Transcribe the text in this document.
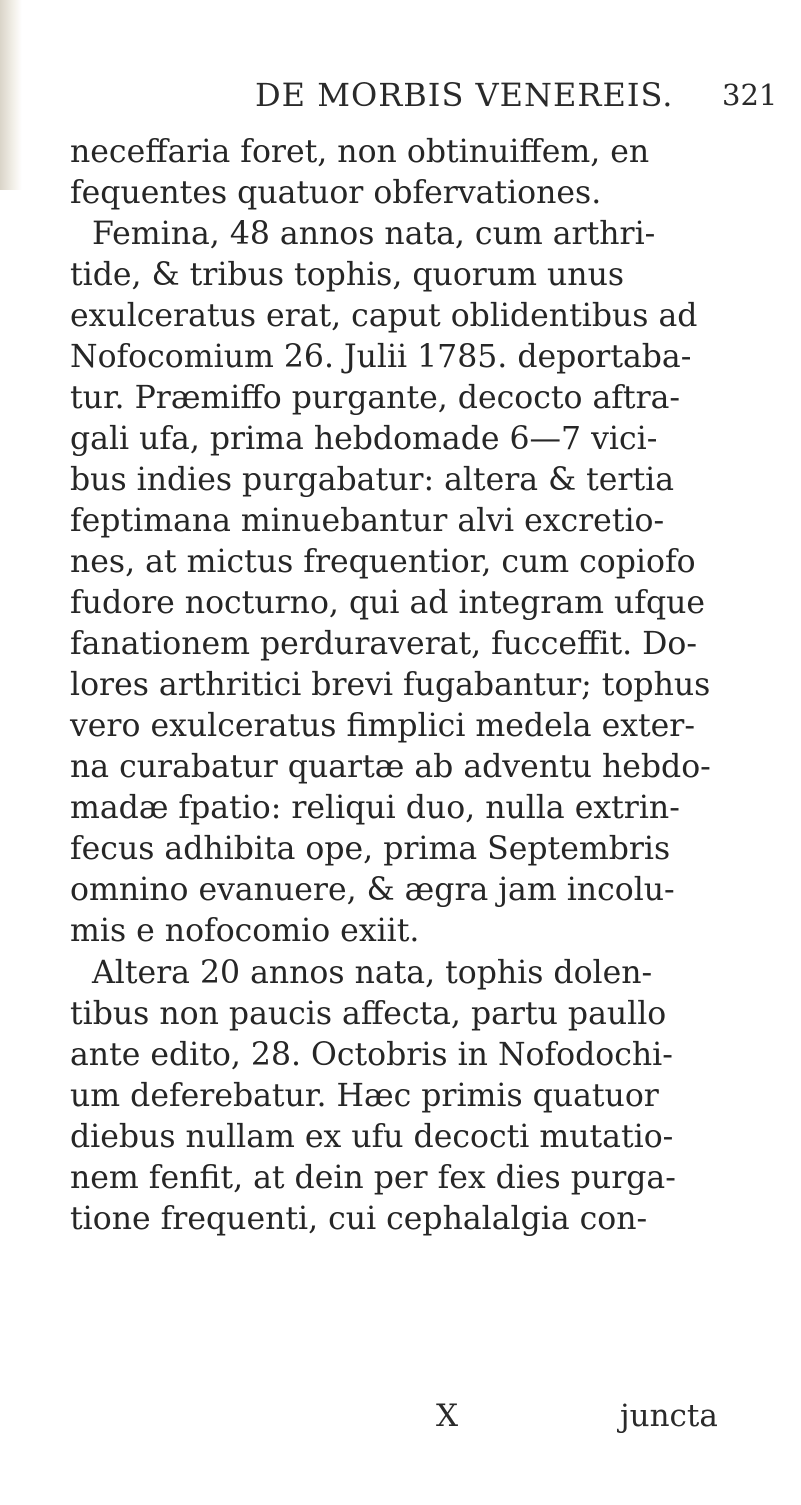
DE MORBIS VENEREIS. 321
neceffaria foret, non obtinuiffem, en
fequentes quatuor obfervationes.
Femina, 48 annos nata, cum arthri-
tide, & tribus tophis, quorum unus
exulceratus erat, caput oblidentibus ad
Nofocomium 26. Julii 1785. deportaba-
tur. Præmiffo purgante, decocto aftra-
gali ufa, prima hebdomade 6—7 vici-
bus indies purgabatur: altera & tertia
feptimana minuebantur alvi excretio-
nes, at mictus frequentior, cum copiofo
fudore nocturno, qui ad integram ufque
fanationem perduraverat, fucceffit. Do-
lores arthritici brevi fugabantur; tophus
vero exulceratus fimplici medela exter-
na curabatur quartæ ab adventu hebdo-
madæ fpatio: reliqui duo, nulla extrin-
fecus adhibita ope, prima Septembris
omnino evanuere, & ægra jam incolu-
mis e nofocomio exiit.
Altera 20 annos nata, tophis dolen-
tibus non paucis affecta, partu paullo
ante edito, 28. Octobris in Nofodochi-
um deferebatur. Hæc primis quatuor
diebus nullam ex ufu decocti mutatio-
nem fenfit, at dein per fex dies purga-
tione frequenti, cui cephalalgia con-
X	juncta
